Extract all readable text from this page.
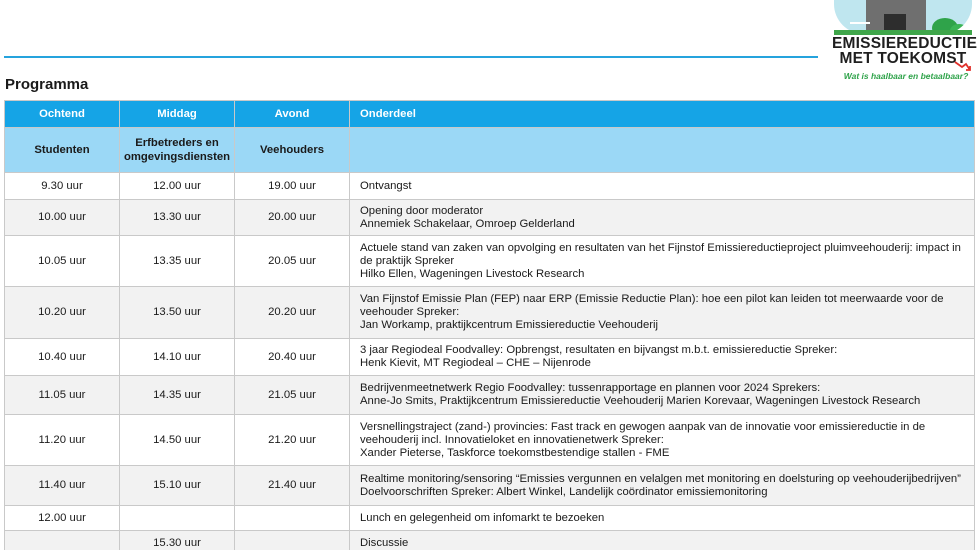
EMISSIEREDUCTIE
MET TOEKOMST
Wat is haalbaar en betaalbaar?
Programma
Ochtend	Middag	Avond	Onderdeel
Studenten	Erfbetreders en omgevingsdiensten	Veehouders	
9.30 uur	12.00 uur	19.00 uur	Ontvangst

10.00 uur	13.30 uur	20.00 uur	Opening door moderator
Annemiek Schakelaar, Omroep Gelderland

10.05 uur	13.35 uur	20.05 uur	Actuele stand van zaken van opvolging en resultaten van het Fijnstof Emissiereductieproject pluimveehouderij: impact in de praktijk Spreker
Hilko Ellen, Wageningen Livestock Research

10.20 uur	13.50 uur	20.20 uur	Van Fijnstof Emissie Plan (FEP) naar ERP (Emissie Reductie Plan): hoe een pilot kan leiden tot meerwaarde voor de veehouder Spreker:
Jan Workamp, praktijkcentrum Emissiereductie Veehouderij

10.40 uur	14.10 uur	20.40 uur	3 jaar Regiodeal Foodvalley: Opbrengst, resultaten en bijvangst m.b.t. emissiereductie Spreker:
Henk Kievit, MT Regiodeal – CHE – Nijenrode

11.05 uur	14.35 uur	21.05 uur	Bedrijvenmeetnetwerk Regio Foodvalley: tussenrapportage en plannen voor 2024 Sprekers:
Anne-Jo Smits, Praktijkcentrum Emissiereductie Veehouderij Marien Korevaar, Wageningen Livestock Research

11.20 uur	14.50 uur	21.20 uur	Versnellingstraject (zand-) provincies: Fast track en gewogen aanpak van de innovatie voor emissiereductie in de veehouderij incl. Innovatieloket en innovatienetwerk Spreker:
Xander Pieterse, Taskforce toekomstbestendige stallen - FME

11.40 uur	15.10 uur	21.40 uur	Realtime monitoring/sensoring “Emissies vergunnen en velalgen met monitoring en doelsturing op veehouderijbedrijven” Doelvoorschriften Spreker: Albert Winkel, Landelijk coördinator emissiemonitoring

12.00 uur			Lunch en gelegenheid om infomarkt te bezoeken

	15.30 uur		Discussie
